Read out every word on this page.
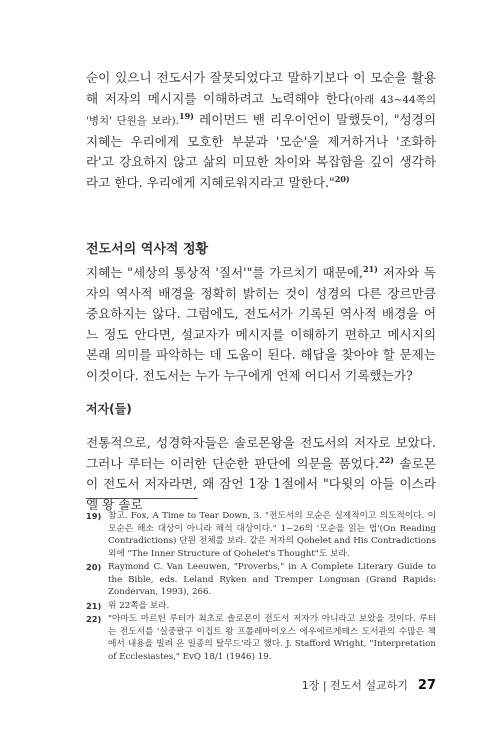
순이 있으니 전도서가 잘못되었다고 말하기보다 이 모순을 활용해 저자의 메시지를 이해하려고 노력해야 한다(아래 43~44쪽의 '병치' 단원을 보라).$^{19)}$ 레이먼드 밴 리우이언이 말했듯이, "성경의 지혜는 우리에게 모호한 부분과 '모순'을 제거하거나 '조화하라'고 강요하지 않고 삶의 미묘한 차이와 복잡함을 깊이 생각하라고 한다. 우리에게 지혜로워지라고 말한다."$^{20)}$

전도서의 역사적 정황

지혜는 "세상의 통상적 '질서'"를 가르치기 때문에,$^{21)}$ 저자와 독자의 역사적 배경을 정확히 밝히는 것이 성경의 다른 장르만큼 중요하지는 않다. 그럼에도, 전도서가 기록된 역사적 배경을 어느 정도 안다면, 설교자가 메시지를 이해하기 편하고 메시지의 본래 의미를 파악하는 데 도움이 된다. 해답을 찾아야 할 문제는 이것이다. 전도서는 누가 누구에게 언제 어디서 기록했는가?

저자(들)

전통적으로, 성경학자들은 솔로몬왕을 전도서의 저자로 보았다. 그러나 루터는 이러한 단순한 판단에 의문을 품었다.$^{22)}$ 솔로몬이 전도서 저자라면, 왜 잠언 1장 1절에서 "다윗의 아들 이스라엘 왕 솔로

19) 참고. Fox, A Time to Tear Down, 3. "전도서의 모순은 실제적이고 의도적이다. 이 모순은 해소 대상이 아니라 해석 대상이다." 1~26의 '모순을 읽는 법'(On Reading Contradictions) 단원 전체를 보라. 같은 저자의 Qohelet and His Contradictions 외에 "The Inner Structure of Qohelet's Thought"도 보라.
20) Raymond C. Van Leeuwen, "Proverbs," in A Complete Literary Guide to the Bible, eds. Leland Ryken and Tremper Longman (Grand Rapids: Zondervan, 1993), 266.
21) 위 22쪽을 보라.
22) "아마도 마르틴 루터가 최초로 솔로몬이 전도서 저자가 아니라고 보았을 것이다. 루터는 전도서를 '실중팔구 이집트 왕 프톨레마이오스 에우에르게테스 도서관의 수많은 책에서 내용을 빌려 온 일종의 탈무드'라고 했다. J. Stafford Wright, "Interpretation of Ecclesiastes," EvQ 18/1 (1946) 19.
1장 | 전도서 설교하기 27
